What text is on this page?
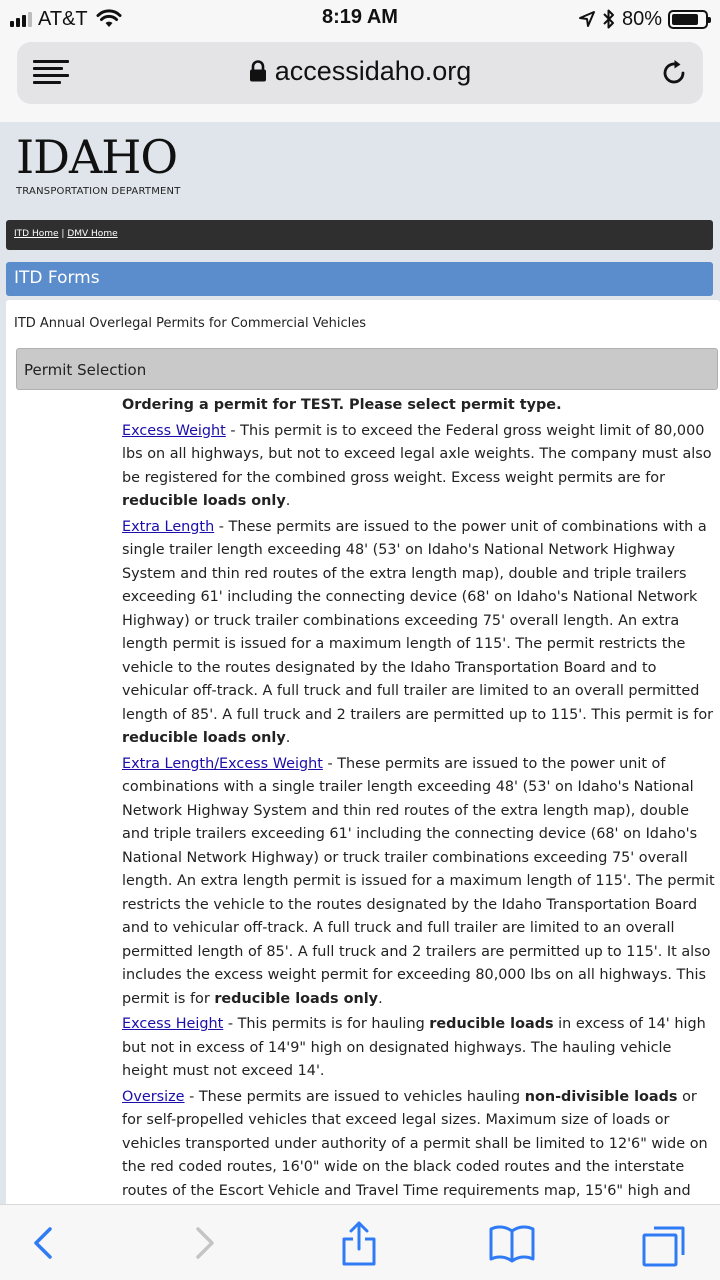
AT&T	8:19 AM	80%
accessidaho.org
IDAHO
TRANSPORTATION DEPARTMENT
ITD Home | DMV Home
ITD Forms
ITD Annual Overlegal Permits for Commercial Vehicles
Permit Selection

Ordering a permit for TEST. Please select permit type.

Excess Weight - This permit is to exceed the Federal gross weight limit of 80,000 lbs on all highways, but not to exceed legal axle weights. The company must also be registered for the combined gross weight. Excess weight permits are for reducible loads only.

Extra Length - These permits are issued to the power unit of combinations with a single trailer length exceeding 48' (53' on Idaho's National Network Highway System and thin red routes of the extra length map), double and triple trailers exceeding 61' including the connecting device (68' on Idaho's National Network Highway) or truck trailer combinations exceeding 75' overall length. An extra length permit is issued for a maximum length of 115'. The permit restricts the vehicle to the routes designated by the Idaho Transportation Board and to vehicular off-track. A full truck and full trailer are limited to an overall permitted length of 85'. A full truck and 2 trailers are permitted up to 115'. This permit is for reducible loads only.

Extra Length/Excess Weight - These permits are issued to the power unit of combinations with a single trailer length exceeding 48' (53' on Idaho's National Network Highway System and thin red routes of the extra length map), double and triple trailers exceeding 61' including the connecting device (68' on Idaho's National Network Highway) or truck trailer combinations exceeding 75' overall length. An extra length permit is issued for a maximum length of 115'. The permit restricts the vehicle to the routes designated by the Idaho Transportation Board and to vehicular off-track. A full truck and full trailer are limited to an overall permitted length of 85'. A full truck and 2 trailers are permitted up to 115'. It also includes the excess weight permit for exceeding 80,000 lbs on all highways. This permit is for reducible loads only.

Excess Height - This permits is for hauling reducible loads in excess of 14' high but not in excess of 14'9" high on designated highways. The hauling vehicle height must not exceed 14'.

Oversize - These permits are issued to vehicles hauling non-divisible loads or for self-propelled vehicles that exceed legal sizes. Maximum size of loads or vehicles transported under authority of a permit shall be limited to 12'6" wide on the red coded routes, 16'0" wide on the black coded routes and the interstate routes of the Escort Vehicle and Travel Time requirements map, 15'6" high and
